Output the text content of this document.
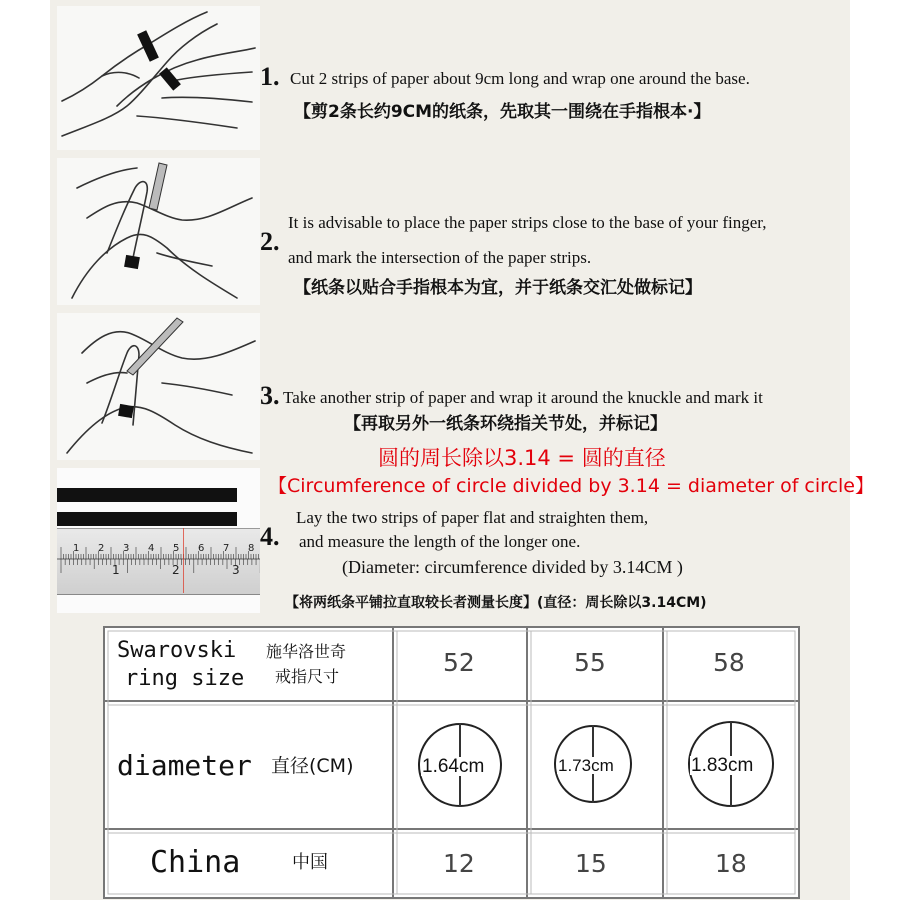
1 2 3 4 5 6 7 8
1	2	3
1. Cut 2 strips of paper about 9cm long and wrap one around the base.
【剪2条长约9CM的纸条，先取其一围绕在手指根本·】
2.
It is advisable to place the paper strips close to the base of your finger,
and mark the intersection of the paper strips.
【纸条以贴合手指根本为宜，并于纸条交汇处做标记】
3. Take another strip of paper and wrap it around the knuckle and mark it
【再取另外一纸条环绕指关节处，并标记】
圆的周长除以3.14 = 圆的直径
【Circumference of circle divided by 3.14 = diameter of circle】
4.
Lay the two strips of paper flat and straighten them,
and measure the length of the longer one.
(Diameter: circumference divided by 3.14CM )
【将两纸条平铺拉直取较长者测量长度】(直径：周长除以3.14CM)
Swarovski
ring size
施华洛世奇
戒指尺寸	52	55	58
diameter 直径(CM)	1.64cm	1.73cm	1.83cm
China	中国	12	15	18
